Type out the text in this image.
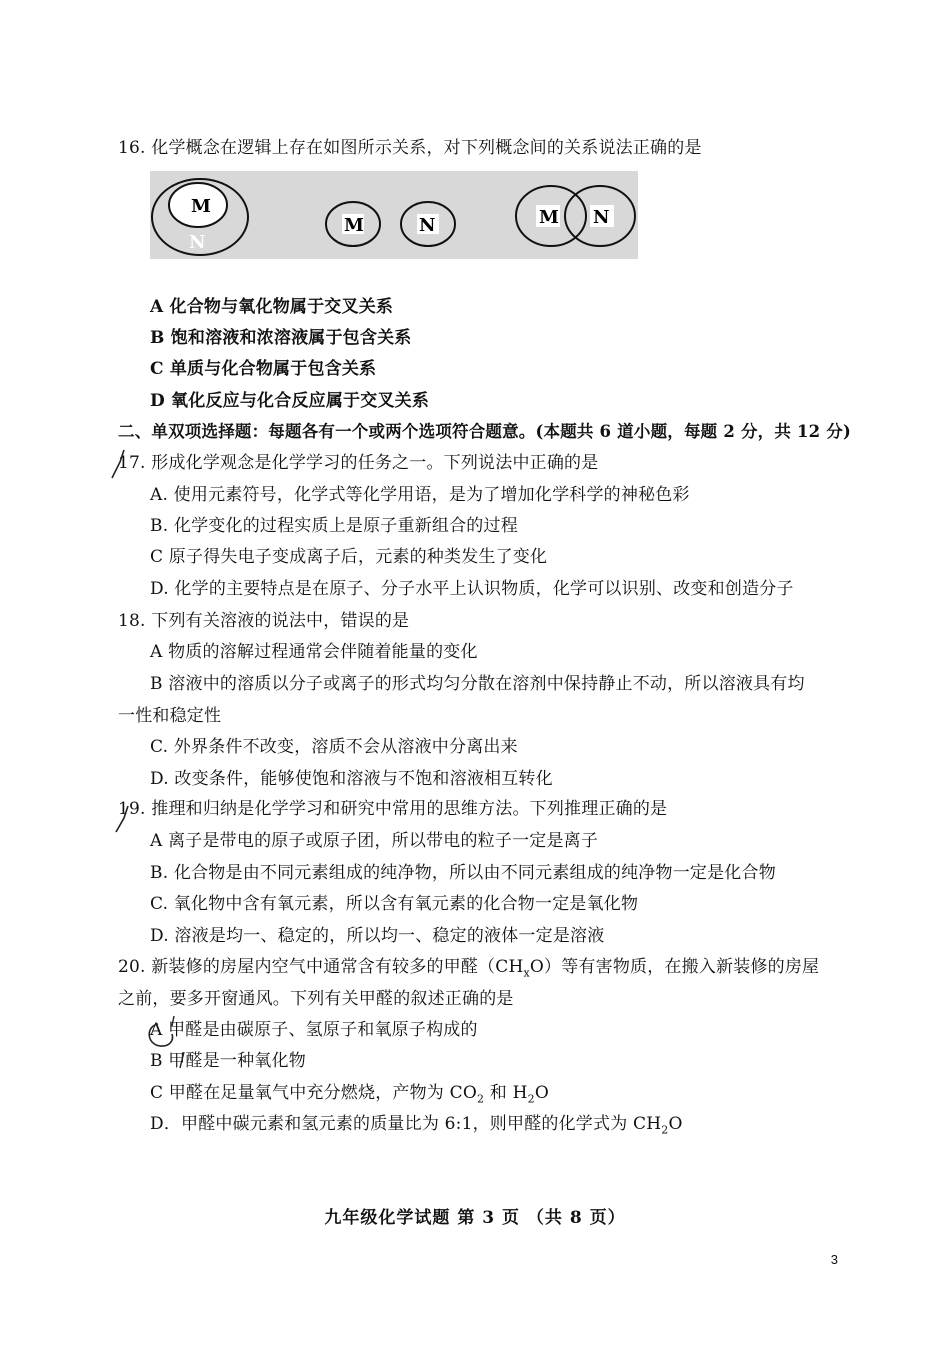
16. 化学概念在逻辑上存在如图所示关系，对下列概念间的关系说法正确的是
M
N
M	N	M N
A 化合物与氧化物属于交叉关系
B 饱和溶液和浓溶液属于包含关系
C 单质与化合物属于包含关系
D 氧化反应与化合反应属于交叉关系
二、单双项选择题：每题各有一个或两个选项符合题意。(本题共 6 道小题，每题 2 分，共 12 分)
17. 形成化学观念是化学学习的任务之一。下列说法中正确的是
A. 使用元素符号，化学式等化学用语，是为了增加化学科学的神秘色彩
B. 化学变化的过程实质上是原子重新组合的过程
C 原子得失电子变成离子后，元素的种类发生了变化
D. 化学的主要特点是在原子、分子水平上认识物质，化学可以识别、改变和创造分子
18. 下列有关溶液的说法中，错误的是
A 物质的溶解过程通常会伴随着能量的变化
B 溶液中的溶质以分子或离子的形式均匀分散在溶剂中保持静止不动，所以溶液具有均
一性和稳定性
C. 外界条件不改变，溶质不会从溶液中分离出来
D. 改变条件，能够使饱和溶液与不饱和溶液相互转化
19. 推理和归纳是化学学习和研究中常用的思维方法。下列推理正确的是
A 离子是带电的原子或原子团，所以带电的粒子一定是离子
B. 化合物是由不同元素组成的纯净物，所以由不同元素组成的纯净物一定是化合物
C. 氧化物中含有氧元素，所以含有氧元素的化合物一定是氧化物
D. 溶液是均一、稳定的，所以均一、稳定的液体一定是溶液
20. 新装修的房屋内空气中通常含有较多的甲醛$(CH_xO)$等有害物质，在搬入新装修的房屋
之前，要多开窗通风。下列有关甲醛的叙述正确的是
A 甲醛是由碳原子、氢原子和氧原子构成的
B 甲醛是一种氧化物
C 甲醛在足量氧气中充分燃烧，产物为 $CO_2$ 和 $H_2O$
D．甲醛中碳元素和氢元素的质量比为 6:1，则甲醛的化学式为 $CH_2O$
九年级化学试题 第 3 页 （共 8 页）
3
